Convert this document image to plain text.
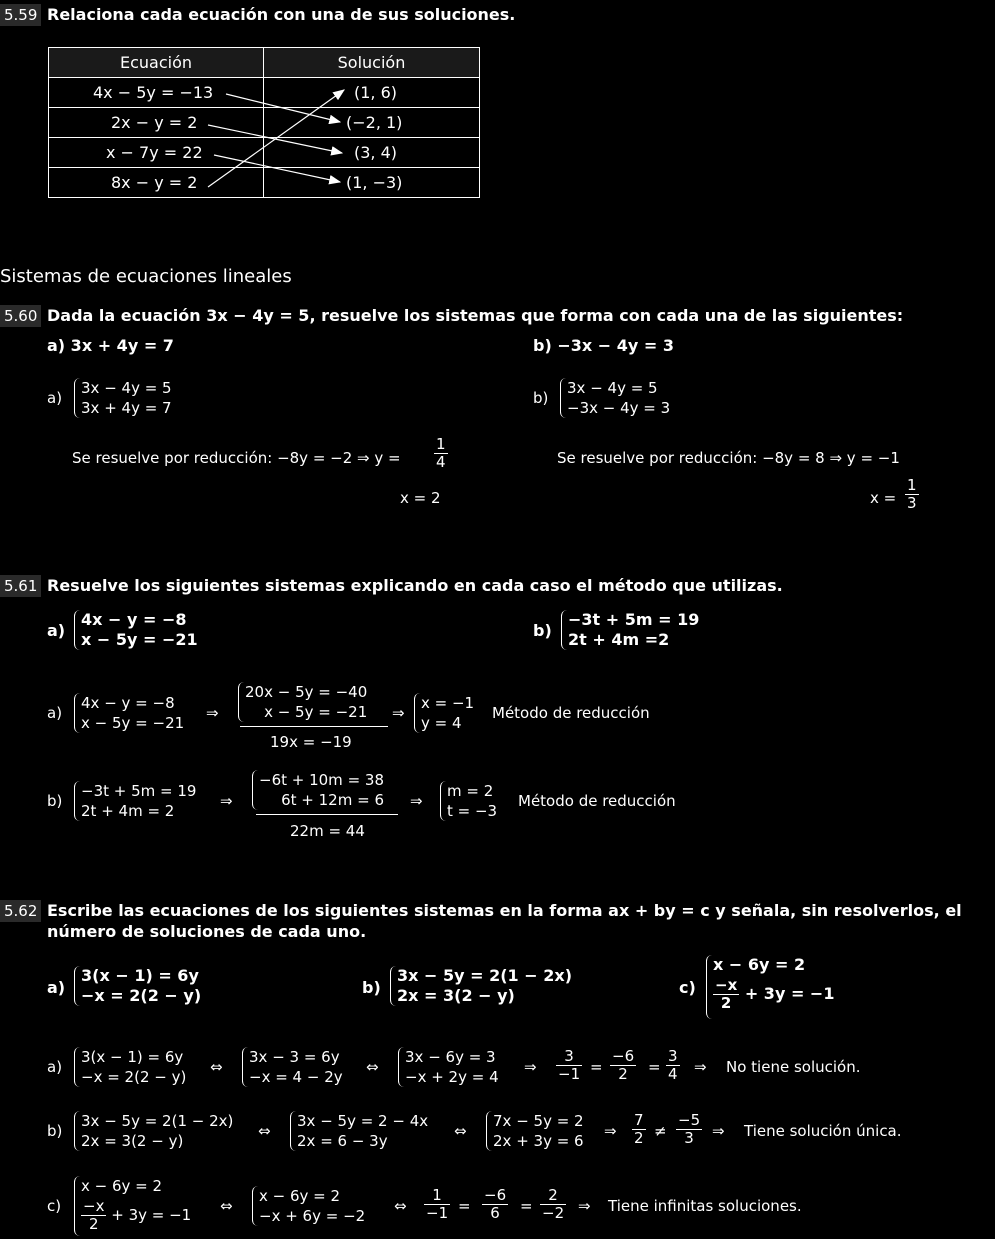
5.59 Relaciona cada ecuación con una de sus soluciones.
Ecuación	Solución
4x − 5y = −13	(1, 6)
2x − y = 2	(−2, 1)
x − 7y = 22	(3, 4)
8x − y = 2	(1, −3)
Sistemas de ecuaciones lineales
5.60 Dada la ecuación 3x − 4y = 5, resuelve los sistemas que forma con cada una de las siguientes:
a) 3x + 4y = 7	b) −3x − 4y = 3
a)
3x − 4y = 5
3x + 4y = 7
Se resuelve por reducción: −8y = −2 ⇒ $y = \frac{1}{4}$
x = 2
b)
3x − 4y = 5
−3x − 4y = 3
Se resuelve por reducción: −8y = 8 ⇒ y = −1
$x = \frac{1}{3}$
5.61 Resuelve los siguientes sistemas explicando en cada caso el método que utilizas.
a)
4x − y = −8
x − 5y = −21	b)
−3t + 5m = 19
2t + 4m =2
a)
4x − y = −8
x − 5y = −21
⇒
20x − 5y = −40
x − 5y = −21
19x = −19
⇒
x = −1
y = 4
Método de reducción
b)
−3t + 5m = 19
2t + 4m = 2
⇒
−6t + 10m = 38
6t + 12m = 6
22m = 44
⇒
m = 2
t = −3
Método de reducción
5.62 Escribe las ecuaciones de los siguientes sistemas en la forma ax + by = c y señala, sin resolverlos, el
número de soluciones de cada uno.
a)
3(x − 1) = 6y
−x = 2(2 − y)	b)
3x − 5y = 2(1 − 2x)
2x = 3(2 − y)	c)
x − 6y = 2
$\frac{-x}{2} + 3y = -1$
a)
3(x − 1) = 6y
−x = 2(2 − y)
⇔
3x − 3 = 6y
−x = 4 − 2y
⇔
3x − 6y = 3
−x + 2y = 4
⇒ $\frac{3}{-1} = \frac{-6}{2} = \frac{3}{4}$ ⇒ No tiene solución.
b)
3x − 5y = 2(1 − 2x)
2x = 3(2 − y)
⇔
3x − 5y = 2 − 4x
2x = 6 − 3y
⇔
7x − 5y = 2
2x + 3y = 6
⇒ $\frac{7}{2} \ne \frac{-5}{3}$ ⇒ Tiene solución única.
c)
x − 6y = 2
$\frac{-x}{2} + 3y = -1$ ⇔
x − 6y = 2
−x + 6y = −2
⇔ $\frac{1}{-1} = \frac{-6}{6} = \frac{2}{-2}$ ⇒ Tiene infinitas soluciones.
